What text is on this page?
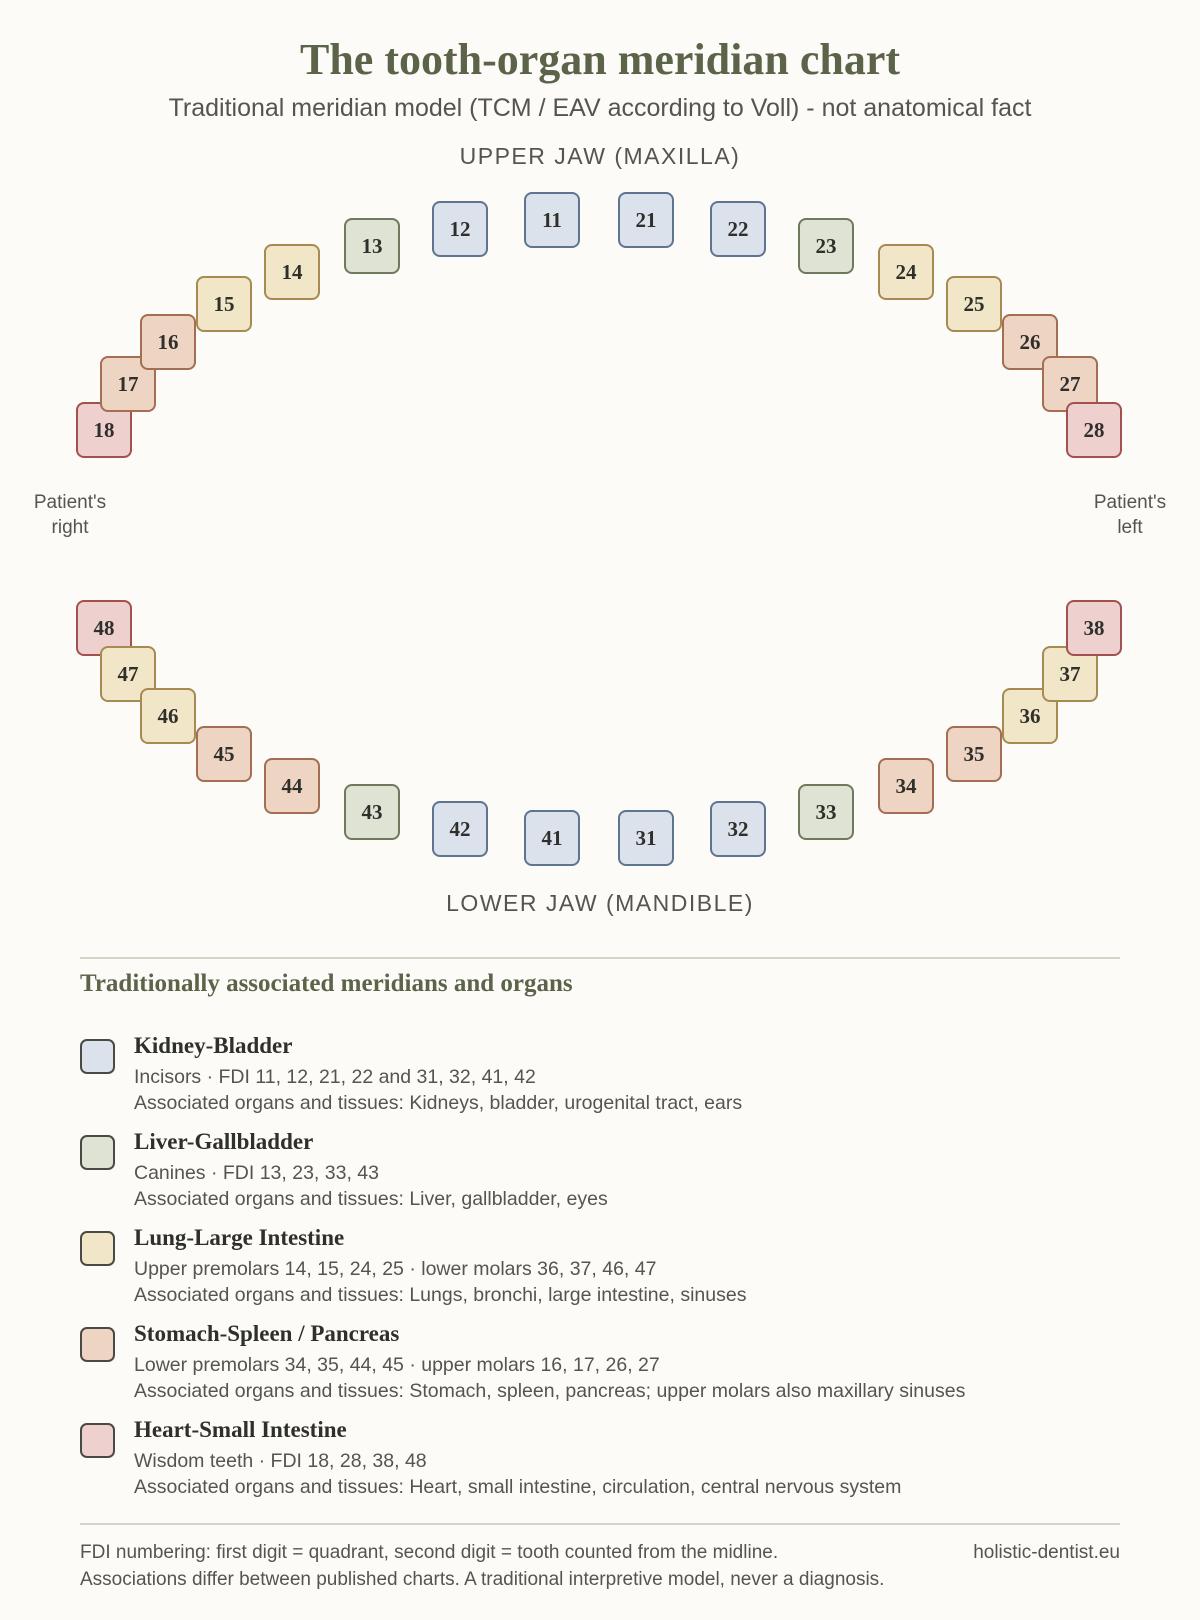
The tooth-organ meridian chart
Traditional meridian model (TCM / EAV according to Voll) - not anatomical fact
UPPER JAW (MAXILLA)
LOWER JAW (MANDIBLE)
Patient's
right
Patient's
left
18
17
16
15
14
13
12	11	21	22
23
24
25
26
27
28
48
47
46
45
44
43
42	41	31	32
33
34
35
36
37
38
Traditionally associated meridians and organs
Kidney-Bladder
Incisors · FDI 11, 12, 21, 22 and 31, 32, 41, 42
Associated organs and tissues: Kidneys, bladder, urogenital tract, ears
Liver-Gallbladder
Canines · FDI 13, 23, 33, 43
Associated organs and tissues: Liver, gallbladder, eyes
Lung-Large Intestine
Upper premolars 14, 15, 24, 25 · lower molars 36, 37, 46, 47
Associated organs and tissues: Lungs, bronchi, large intestine, sinuses
Stomach-Spleen / Pancreas
Lower premolars 34, 35, 44, 45 · upper molars 16, 17, 26, 27
Associated organs and tissues: Stomach, spleen, pancreas; upper molars also maxillary sinuses
Heart-Small Intestine
Wisdom teeth · FDI 18, 28, 38, 48
Associated organs and tissues: Heart, small intestine, circulation, central nervous system
FDI numbering: first digit = quadrant, second digit = tooth counted from the midline.
Associations differ between published charts. A traditional interpretive model, never a diagnosis.
holistic-dentist.eu
